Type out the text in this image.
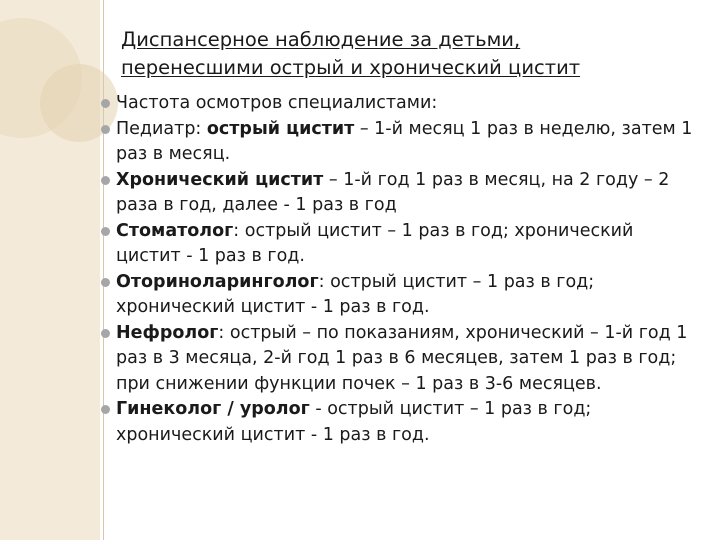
Диспансерное наблюдение за детьми,
перенесшими острый и хронический цистит
Частота осмотров специалистами:
Педиатр: острый цистит – 1-й месяц 1 раз в неделю, затем 1 раз в месяц.
Хронический цистит – 1-й год 1 раз в месяц, на 2 году – 2 раза в год, далее - 1 раз в год
Стоматолог: острый цистит – 1 раз в год; хронический цистит - 1 раз в год.
Оториноларинголог: острый цистит – 1 раз в год; хронический цистит - 1 раз в год.
Нефролог: острый – по показаниям, хронический – 1-й год 1 раз в 3 месяца, 2-й год 1 раз в 6 месяцев, затем 1 раз в год; при снижении функции почек – 1 раз в 3-6 месяцев.
Гинеколог / уролог - острый цистит – 1 раз в год; хронический цистит - 1 раз в год.
